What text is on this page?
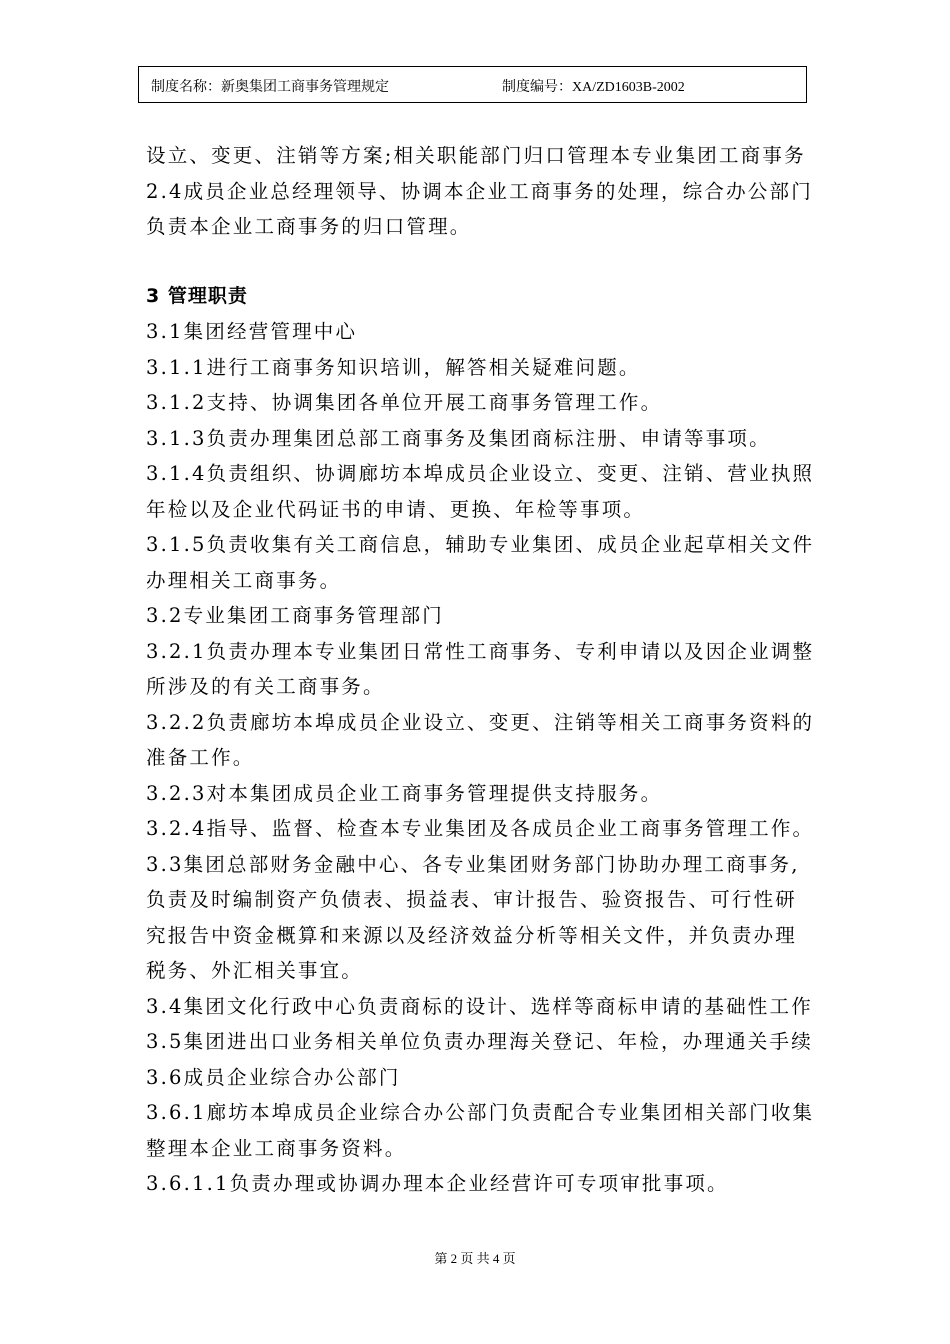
制度名称：新奥集团工商事务管理规定	制度编号：XA/ZD1603B-2002
设立、变更、注销等方案;相关职能部门归口管理本专业集团工商事务
2.4成员企业总经理领导、协调本企业工商事务的处理，综合办公部门
负责本企业工商事务的归口管理。
3 管理职责
3.1集团经营管理中心
3.1.1进行工商事务知识培训，解答相关疑难问题。
3.1.2支持、协调集团各单位开展工商事务管理工作。
3.1.3负责办理集团总部工商事务及集团商标注册、申请等事项。
3.1.4负责组织、协调廊坊本埠成员企业设立、变更、注销、营业执照
年检以及企业代码证书的申请、更换、年检等事项。
3.1.5负责收集有关工商信息，辅助专业集团、成员企业起草相关文件
办理相关工商事务。
3.2专业集团工商事务管理部门
3.2.1负责办理本专业集团日常性工商事务、专利申请以及因企业调整
所涉及的有关工商事务。
3.2.2负责廊坊本埠成员企业设立、变更、注销等相关工商事务资料的
准备工作。
3.2.3对本集团成员企业工商事务管理提供支持服务。
3.2.4指导、监督、检查本专业集团及各成员企业工商事务管理工作。
3.3集团总部财务金融中心、各专业集团财务部门协助办理工商事务,
负责及时编制资产负债表、损益表、审计报告、验资报告、可行性研
究报告中资金概算和来源以及经济效益分析等相关文件，并负责办理
税务、外汇相关事宜。
3.4集团文化行政中心负责商标的设计、选样等商标申请的基础性工作
3.5集团进出口业务相关单位负责办理海关登记、年检，办理通关手续
3.6成员企业综合办公部门
3.6.1廊坊本埠成员企业综合办公部门负责配合专业集团相关部门收集
整理本企业工商事务资料。
3.6.1.1负责办理或协调办理本企业经营许可专项审批事项。
第 2 页 共 4 页
